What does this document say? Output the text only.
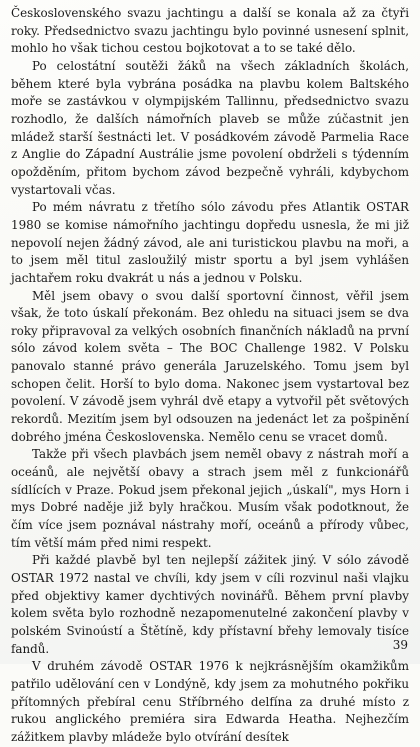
Československého svazu jachtingu a další se konala až za čtyři roky. Předsednictvo svazu jachtingu bylo povinné usnesení splnit, mohlo ho však tichou cestou bojkotovat a to se také dělo.

Po celostátní soutěži žáků na všech základních školách, během které byla vybrána posádka na plavbu kolem Baltského moře se zastávkou v olympijském Tallinnu, předsednictvo svazu rozhodlo, že dalších námořních plaveb se může zúčastnit jen mládež starší šestnácti let. V posádkovém závodě Parmelia Race z Anglie do Západní Austrálie jsme povolení obdrželi s týdenním opožděním, přitom bychom závod bezpečně vyhráli, kdybychom vystartovali včas.

Po mém návratu z třetího sólo závodu přes Atlantik OSTAR 1980 se komise námořního jachtingu dopředu usnesla, že mi již nepovolí nejen žádný závod, ale ani turistickou plavbu na moři, a to jsem měl titul zasloužilý mistr sportu a byl jsem vyhlášen jachtařem roku dvakrát u nás a jednou v Polsku.

Měl jsem obavy o svou další sportovní činnost, věřil jsem však, že toto úskalí překonám. Bez ohledu na situaci jsem se dva roky připravoval za velkých osobních finančních nákladů na první sólo závod kolem světa – The BOC Challenge 1982. V Polsku panovalo stanné právo generála Jaruzelského. Tomu jsem byl schopen čelit. Horší to bylo doma. Nakonec jsem vystartoval bez povolení. V závodě jsem vyhrál dvě etapy a vytvořil pět světových rekordů. Mezitím jsem byl odsouzen na jedenáct let za pošpinění dobrého jména Československa. Nemělo cenu se vracet domů.

Takže při všech plavbách jsem neměl obavy z nástrah moří a oceánů, ale největší obavy a strach jsem měl z funkcionářů sídlících v Praze. Pokud jsem překonal jejich „úskalí", mys Horn i mys Dobré naděje již byly hračkou. Musím však podotknout, že čím více jsem poznával nástrahy moří, oceánů a přírody vůbec, tím větší mám před nimi respekt.

Při každé plavbě byl ten nejlepší zážitek jiný. V sólo závodě OSTAR 1972 nastal ve chvíli, kdy jsem v cíli rozvinul naši vlajku před objektivy kamer dychtivých novinářů. Během první plavby kolem světa bylo rozhodně nezapomenutelné zakončení plavby v polském Svinoústí a Štětíně, kdy přístavní břehy lemovaly tisíce fandů.

V druhém závodě OSTAR 1976 k nejkrásnějším okamžikům patřilo udělování cen v Londýně, kdy jsem za mohutného pokřiku přítomných přebíral cenu Stříbrného delfína za druhé místo z rukou anglického premiéra sira Edwarda Heatha. Nejhezčím zážitkem plavby mládeže bylo otvírání desítek

39
